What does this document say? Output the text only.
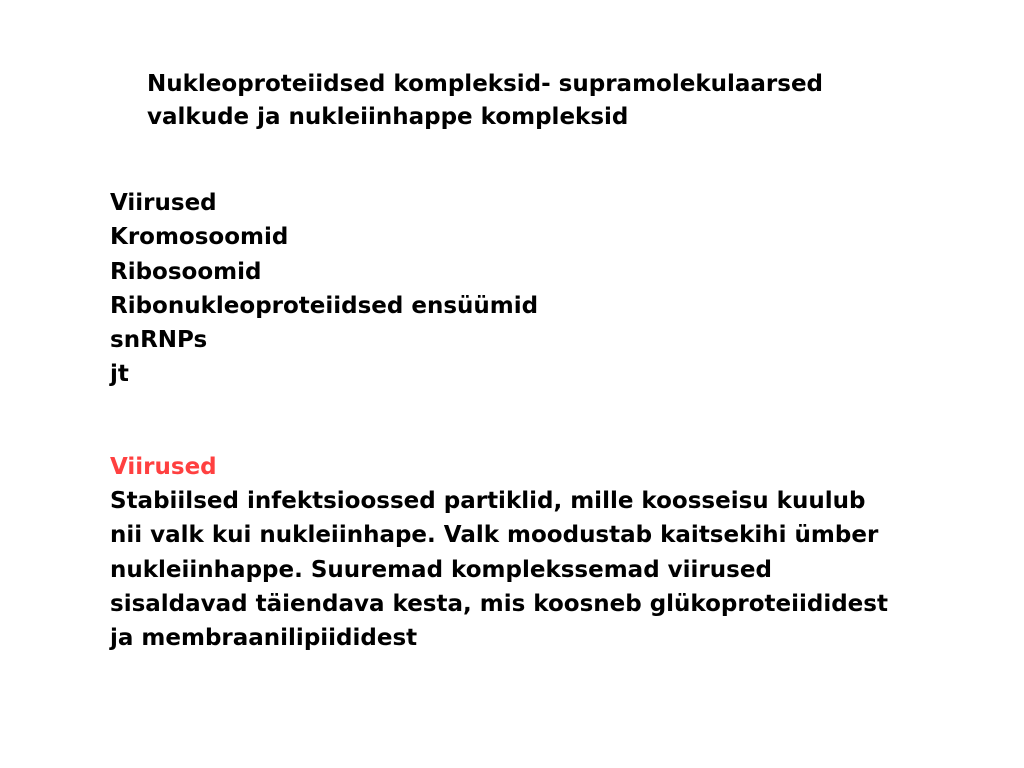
Nukleoproteiidsed kompleksid- supramolekulaarsed
valkude ja nukleiinhappe kompleksid
Viirused
Kromosoomid
Ribosoomid
Ribonukleoproteiidsed ensüümid
snRNPs
jt
Viirused
Stabiilsed infektsioossed partiklid, mille koosseisu kuulub
nii valk kui nukleiinhape. Valk moodustab kaitsekihi ümber
nukleiinhappe. Suuremad komplekssemad viirused
sisaldavad täiendava kesta, mis koosneb glükoproteiididest
ja membraanilipiididest
